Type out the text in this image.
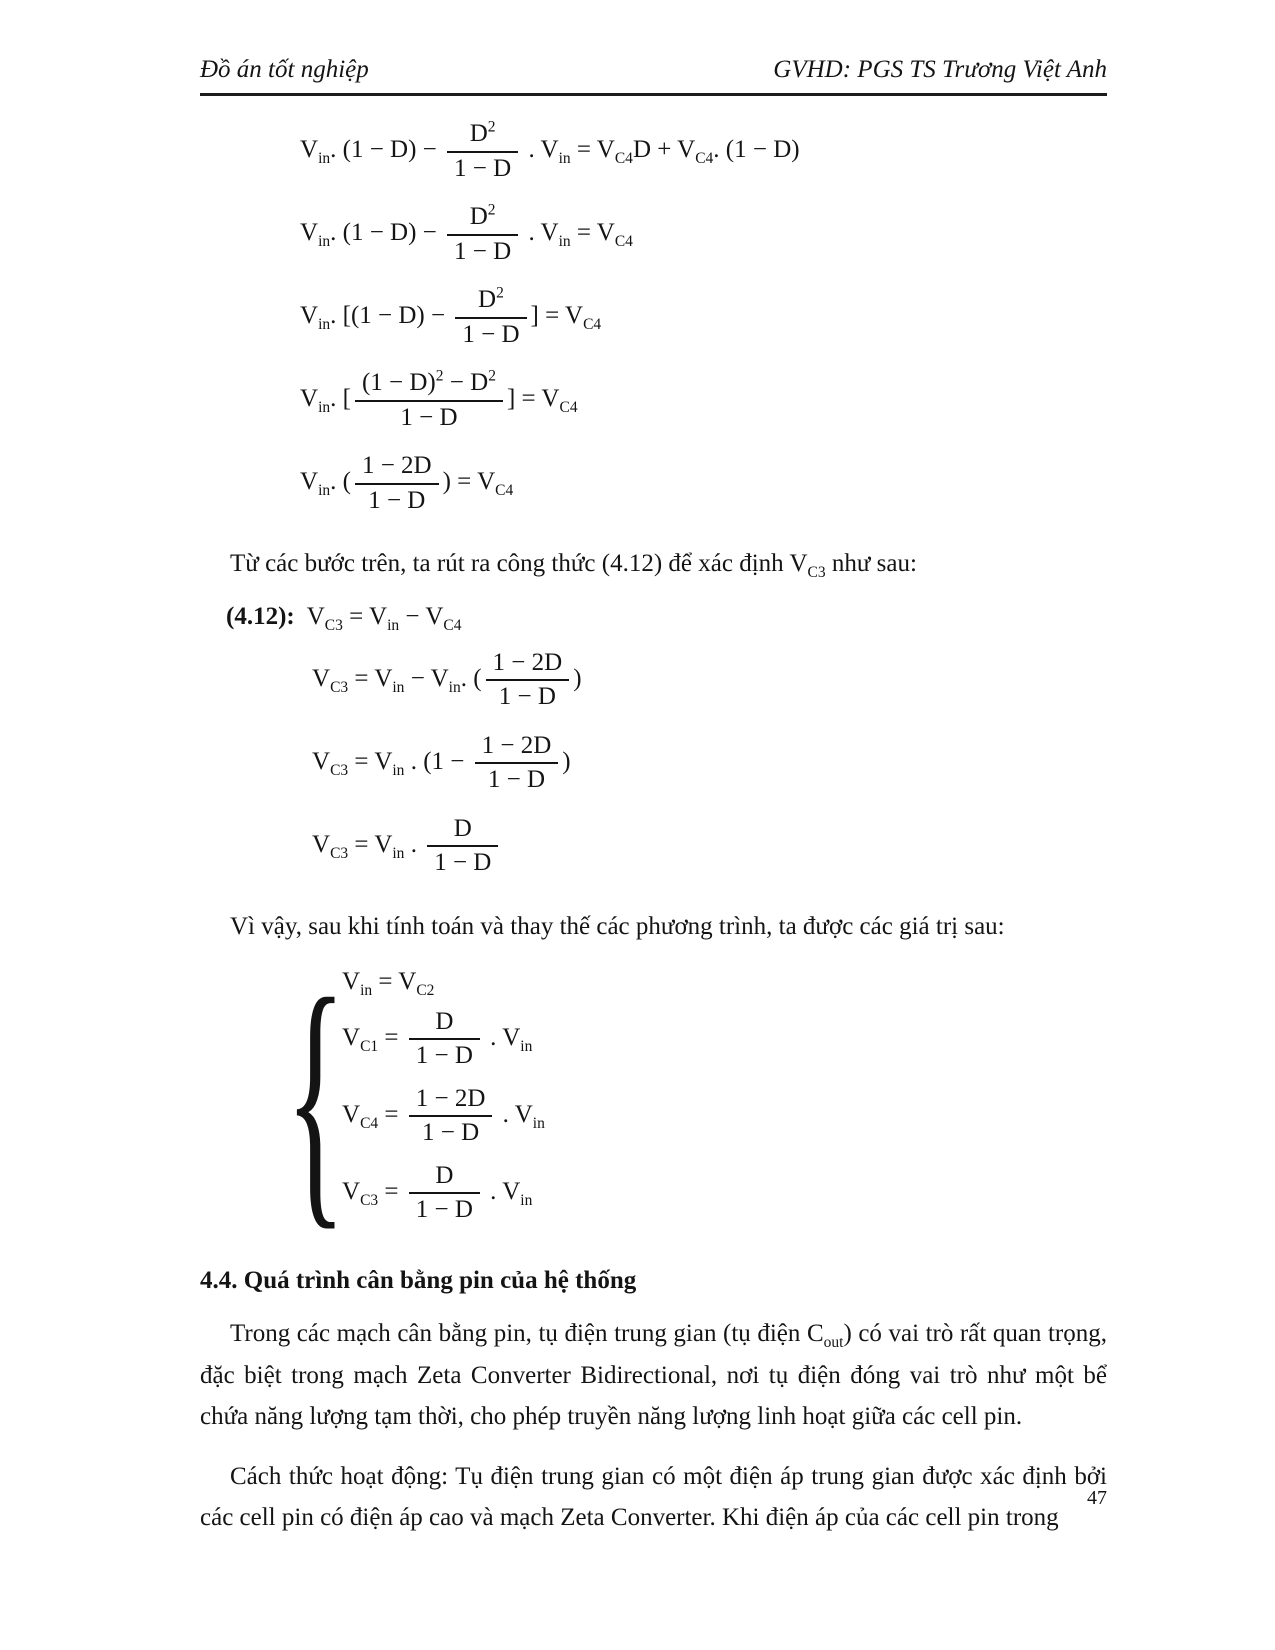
Đồ án tốt nghiệp	GVHD: PGS TS Trương Việt Anh
$V_{in}$. $(1 - D) - \frac{D^2}{1 - D}$ . $V_{in} = V_{C4}D + V_{C4}$. (1 − D)
$V_{in}$. $(1 - D) - \frac{D^2}{1 - D}$ . $V_{in} = V_{C4}$
$V_{in}$. [$(1 - D) - \frac{D^2}{1 - D}$ ] = $V_{C4}$
$V_{in}$. [ $\frac{(1 - D)^2 - D^2}{1 - D}$ ] = $V_{C4}$
$V_{in}$. ( $\frac{1 - 2D}{1 - D}$ ) = $V_{C4}$

Từ các bước trên, ta rút ra công thức (4.12) để xác định $V_{C3}$ như sau:

(4.12): $V_{C3} = V_{in} - V_{C4}$
$V_{C3} = V_{in} - V_{in}$. ( $\frac{1 - 2D}{1 - D}$ )
$V_{C3} = V_{in}$ . ($1 - \frac{1 - 2D}{1 - D}$ )
$V_{C3} = V_{in}$ . $\frac{D}{1 - D}$

Vì vậy, sau khi tính toán và thay thế các phương trình, ta được các giá trị sau:

{
$V_{in} = V_{C2}$
$V_{C1} = \frac{D}{1 - D}$ . $V_{in}$
$V_{C4} = \frac{1 - 2D}{1 - D}$ . $V_{in}$
$V_{C3} = \frac{D}{1 - D}$ . $V_{in}$
4.4. Quá trình cân bằng pin của hệ thống

Trong các mạch cân bằng pin, tụ điện trung gian (tụ điện $C_{out}$) có vai trò rất quan trọng, đặc biệt trong mạch Zeta Converter Bidirectional, nơi tụ điện đóng vai trò như một bể chứa năng lượng tạm thời, cho phép truyền năng lượng linh hoạt giữa các cell pin.

Cách thức hoạt động: Tụ điện trung gian có một điện áp trung gian được xác định bởi các cell pin có điện áp cao và mạch Zeta Converter. Khi điện áp của các cell pin trong

47
